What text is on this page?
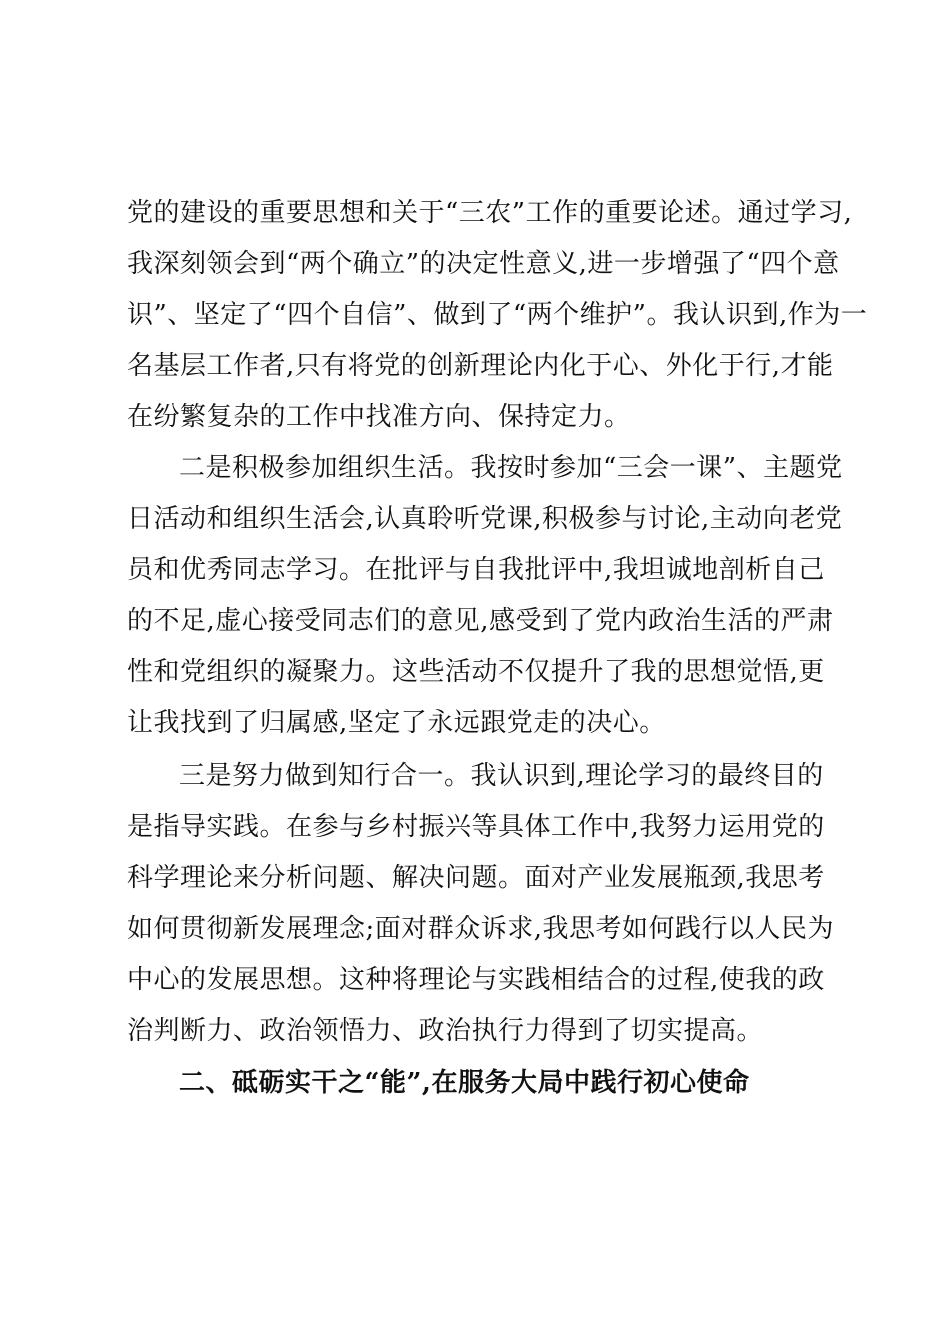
党的建设的重要思想和关于“三农”工作的重要论述。通过学习,
我深刻领会到“两个确立”的决定性意义,进一步增强了“四个意
识”、坚定了“四个自信”、做到了“两个维护”。我认识到,作为一
名基层工作者,只有将党的创新理论内化于心、外化于行,才能
在纷繁复杂的工作中找准方向、保持定力。
二是积极参加组织生活。我按时参加“三会一课”、主题党
日活动和组织生活会,认真聆听党课,积极参与讨论,主动向老党
员和优秀同志学习。在批评与自我批评中,我坦诚地剖析自己
的不足,虚心接受同志们的意见,感受到了党内政治生活的严肃
性和党组织的凝聚力。这些活动不仅提升了我的思想觉悟,更
让我找到了归属感,坚定了永远跟党走的决心。
三是努力做到知行合一。我认识到,理论学习的最终目的
是指导实践。在参与乡村振兴等具体工作中,我努力运用党的
科学理论来分析问题、解决问题。面对产业发展瓶颈,我思考
如何贯彻新发展理念;面对群众诉求,我思考如何践行以人民为
中心的发展思想。这种将理论与实践相结合的过程,使我的政
治判断力、政治领悟力、政治执行力得到了切实提高。
二、砥砺实干之“能”,在服务大局中践行初心使命
